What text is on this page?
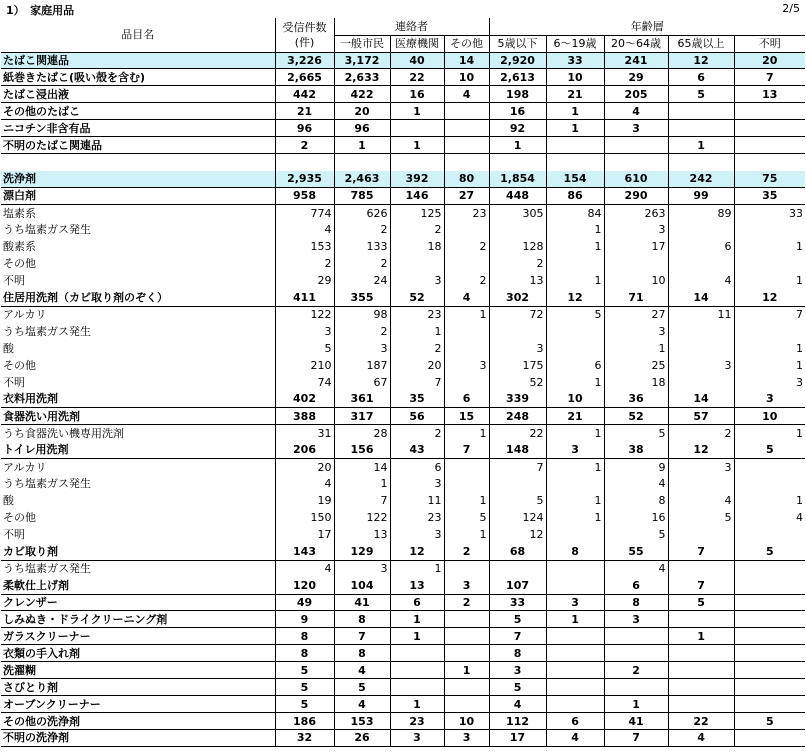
1）　家庭用品	2/5
品目名	受信件数
(件)	連絡者			年齢層				
		一般市民	医療機関	その他	5歳以下	6～19歳	20～64歳	65歳以上	不明
たばこ関連品	3,226	3,172	40	14	2,920	33	241	12	20
紙巻きたばこ(吸い殻を含む)	2,665	2,633	22	10	2,613	10	29	6	7
たばこ浸出液	442	422	16	4	198	21	205	5	13
その他のたばこ	21	20	1		16	1	4		
ニコチン非含有品	96	96			92	1	3		
不明のたばこ関連品	2	1	1		1			1	

洗浄剤	2,935	2,463	392	80	1,854	154	610	242	75
漂白剤	958	785	146	27	448	86	290	99	35
塩素系	774	626	125	23	305	84	263	89	33
うち塩素ガス発生	4	2	2			1	3		
酸素系	153	133	18	2	128	1	17	6	1
その他	2	2			2				
不明	29	24	3	2	13	1	10	4	1
住居用洗剤（カビ取り剤のぞく）	411	355	52	4	302	12	71	14	12
アルカリ	122	98	23	1	72	5	27	11	7
うち塩素ガス発生	3	2	1				3		
酸	5	3	2		3		1		1
その他	210	187	20	3	175	6	25	3	1
不明	74	67	7		52	1	18		3
衣料用洗剤	402	361	35	6	339	10	36	14	3
食器洗い用洗剤	388	317	56	15	248	21	52	57	10
うち食器洗い機専用洗剤	31	28	2	1	22	1	5	2	1
トイレ用洗剤	206	156	43	7	148	3	38	12	5
アルカリ	20	14	6		7	1	9	3	
うち塩素ガス発生	4	1	3				4		
酸	19	7	11	1	5	1	8	4	1
その他	150	122	23	5	124	1	16	5	4
不明	17	13	3	1	12		5		
カビ取り剤	143	129	12	2	68	8	55	7	5
うち塩素ガス発生	4	3	1				4		
柔軟仕上げ剤	120	104	13	3	107		6	7	
クレンザー	49	41	6	2	33	3	8	5	
しみぬき・ドライクリーニング剤	9	8	1		5	1	3		
ガラスクリーナー	8	7	1		7			1	
衣類の手入れ剤	8	8			8				
洗濯糊	5	4		1	3		2		
さびとり剤	5	5			5				
オーブンクリーナー	5	4	1		4		1		
その他の洗浄剤	186	153	23	10	112	6	41	22	5
不明の洗浄剤	32	26	3	3	17	4	7	4	
